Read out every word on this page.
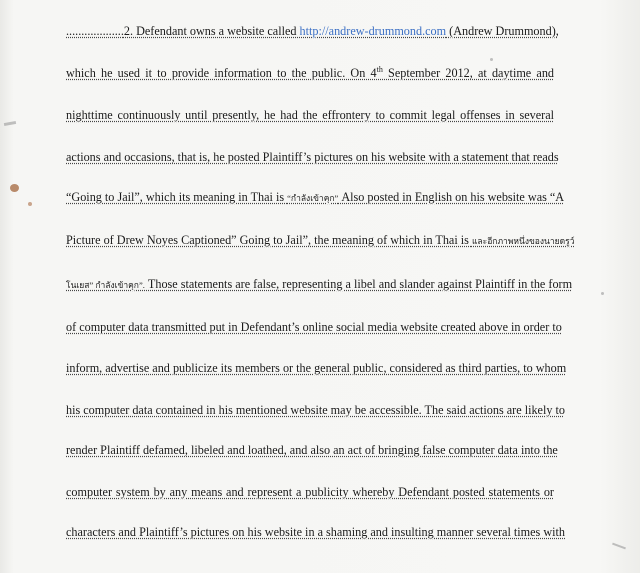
...................2. Defendant owns a website called http://andrew-drummond.com (Andrew Drummond),

which he used it to provide information to the public. On 4th September 2012, at daytime and

nighttime continuously until presently, he had the effrontery to commit legal offenses in several

actions and occasions, that is, he posted Plaintiff’s pictures on his website with a statement that reads

“Going to Jail”, which its meaning in Thai is “กำลังเข้าคุก” Also posted in English on his website was “A

Picture of Drew Noyes Captioned” Going to Jail”, the meaning of which in Thai is และอีกภาพหนึ่งของนายดรูว์

โนเยส” กำลังเข้าคุก”. Those statements are false, representing a libel and slander against Plaintiff in the form

of computer data transmitted put in Defendant’s online social media website created above in order to

inform, advertise and publicize its members or the general public, considered as third parties, to whom

his computer data contained in his mentioned website may be accessible. The said actions are likely to

render Plaintiff defamed, libeled and loathed, and also an act of bringing false computer data into the

computer system by any means and represent a publicity whereby Defendant posted statements or

characters and Plaintiff’s pictures on his website in a shaming and insulting manner several times with
